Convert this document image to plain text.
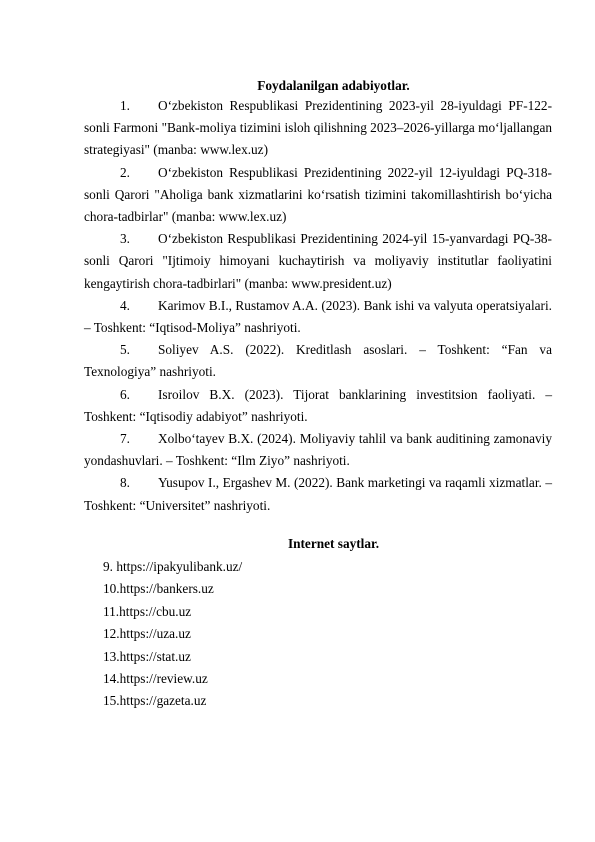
Foydalanilgan adabiyotlar.
1. O‘zbekiston Respublikasi Prezidentining 2023-yil 28-iyuldagi PF-122-sonli Farmoni "Bank-moliya tizimini isloh qilishning 2023–2026-yillarga mo‘ljallangan strategiyasi" (manba: www.lex.uz)
2. O‘zbekiston Respublikasi Prezidentining 2022-yil 12-iyuldagi PQ-318-sonli Qarori "Aholiga bank xizmatlarini ko‘rsatish tizimini takomillashtirish bo‘yicha chora-tadbirlar" (manba: www.lex.uz)
3. O‘zbekiston Respublikasi Prezidentining 2024-yil 15-yanvardagi PQ-38-sonli Qarori "Ijtimoiy himoyani kuchaytirish va moliyaviy institutlar faoliyatini kengaytirish chora-tadbirlari" (manba: www.president.uz)
4. Karimov B.I., Rustamov A.A. (2023). Bank ishi va valyuta operatsiyalari. – Toshkent: “Iqtisod-Moliya” nashriyoti.
5. Soliyev A.S. (2022). Kreditlash asoslari. – Toshkent: “Fan va Texnologiya” nashriyoti.
6. Isroilov B.X. (2023). Tijorat banklarining investitsion faoliyati. – Toshkent: “Iqtisodiy adabiyot” nashriyoti.
7. Xolbo‘tayev B.X. (2024). Moliyaviy tahlil va bank auditining zamonaviy yondashuvlari. – Toshkent: “Ilm Ziyo” nashriyoti.
8. Yusupov I., Ergashev M. (2022). Bank marketingi va raqamli xizmatlar. – Toshkent: “Universitet” nashriyoti.
Internet saytlar.
9. https://ipakyulibank.uz/
10.https://bankers.uz
11.https://cbu.uz
12.https://uza.uz
13.https://stat.uz
14.https://review.uz
15.https://gazeta.uz
